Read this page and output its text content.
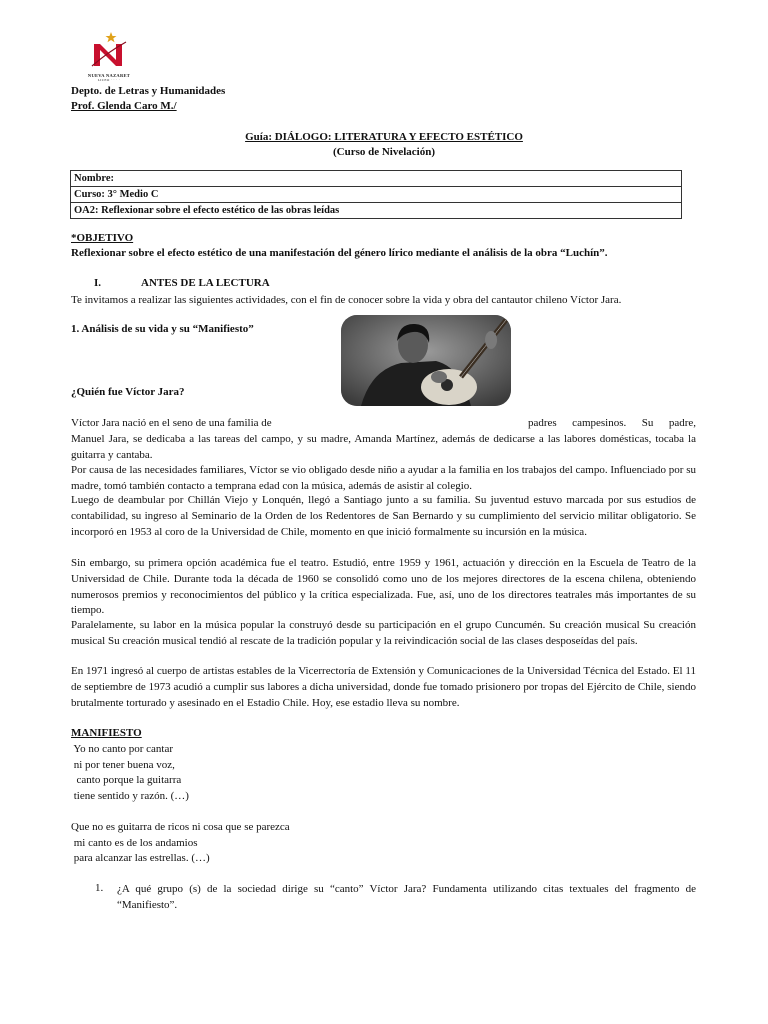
NUEVA NAZARET
LICEO · · · ·
Depto. de Letras y Humanidades
Prof. Glenda Caro M./
Guía: DIÁLOGO: LITERATURA Y EFECTO ESTÉTICO
(Curso de Nivelación)
Nombre:
Curso: 3° Medio C
OA2: Reflexionar sobre el efecto estético de las obras leídas
*OBJETIVO
Reflexionar sobre el efecto estético de una manifestación del género lírico mediante el análisis de la obra “Luchín”.
I.	ANTES DE LA LECTURA
Te invitamos a realizar las siguientes actividades, con el fin de conocer sobre la vida y obra del cantautor chileno Víctor Jara.
1. Análisis de su vida y su “Manifiesto”
¿Quién fue Víctor Jara?
Víctor Jara nació en el seno de una familia de	padres campesinos. Su padre,
Manuel Jara, se dedicaba a las tareas del campo, y su madre, Amanda Martínez, además de dedicarse a las labores domésticas, tocaba la guitarra y cantaba.
Por causa de las necesidades familiares, Víctor se vio obligado desde niño a ayudar a la familia en los trabajos del campo. Influenciado por su madre, tomó también contacto a temprana edad con la música, además de asistir al colegio.
Luego de deambular por Chillán Viejo y Lonquén, llegó a Santiago junto a su familia. Su juventud estuvo marcada por sus estudios de contabilidad, su ingreso al Seminario de la Orden de los Redentores de San Bernardo y su cumplimiento del servicio militar obligatorio. Se incorporó en 1953 al coro de la Universidad de Chile, momento en que inició formalmente su incursión en la música.
Sin embargo, su primera opción académica fue el teatro. Estudió, entre 1959 y 1961, actuación y dirección en la Escuela de Teatro de la Universidad de Chile. Durante toda la década de 1960 se consolidó como uno de los mejores directores de la escena chilena, obteniendo numerosos premios y reconocimientos del público y la crítica especializada. Fue, así, uno de los directores teatrales más importantes de su tiempo.
Paralelamente, su labor en la música popular la construyó desde su participación en el grupo Cuncumén. Su creación musical Su creación musical Su creación musical tendió al rescate de la tradición popular y la reivindicación social de las clases desposeídas del país.
En 1971 ingresó al cuerpo de artistas estables de la Vicerrectoría de Extensión y Comunicaciones de la Universidad Técnica del Estado. El 11 de septiembre de 1973 acudió a cumplir sus labores a dicha universidad, donde fue tomado prisionero por tropas del Ejército de Chile, siendo brutalmente torturado y asesinado en el Estadio Chile. Hoy, ese estadio lleva su nombre.
MANIFIESTO
Yo no canto por cantar
ni por tener buena voz,
canto porque la guitarra
tiene sentido y razón. (…)
Que no es guitarra de ricos ni cosa que se parezca
mi canto es de los andamios
para alcanzar las estrellas. (…)
1. ¿A qué grupo (s) de la sociedad dirige su “canto” Víctor Jara? Fundamenta utilizando citas textuales del fragmento de “Manifiesto”.
